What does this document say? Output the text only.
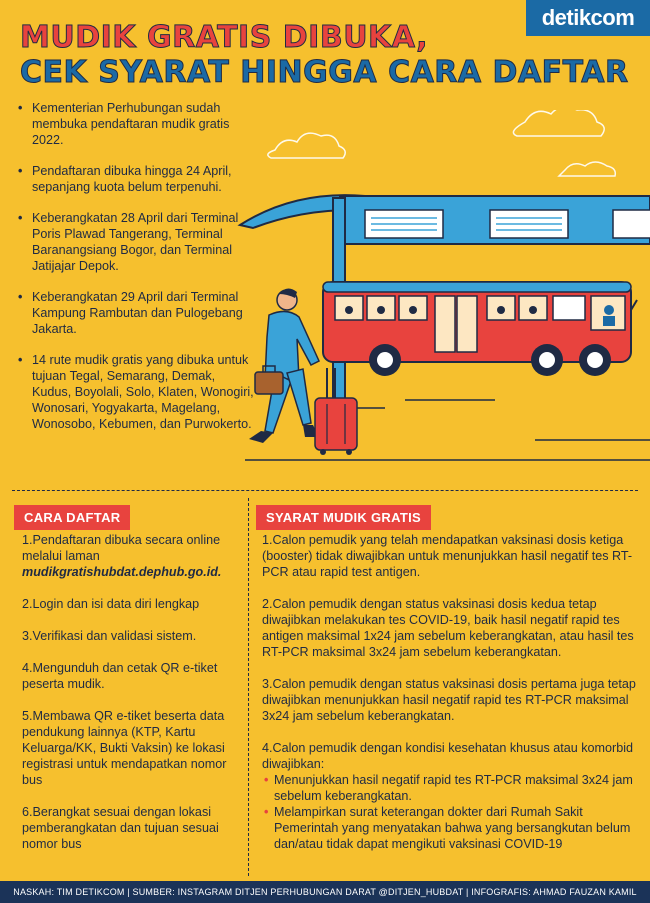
detikcom
MUDIK GRATIS DIBUKA,
CEK SYARAT HINGGA CARA DAFTAR
• Kementerian Perhubungan sudah membuka pendaftaran mudik gratis 2022.
• Pendaftaran dibuka hingga 24 April, sepanjang kuota belum terpenuhi.
• Keberangkatan 28 April dari Terminal Poris Plawad Tangerang, Terminal Baranangsiang Bogor, dan Terminal Jatijajar Depok.
• Keberangkatan 29 April dari Terminal Kampung Rambutan dan Pulogebang Jakarta.
• 14 rute mudik gratis yang dibuka untuk tujuan Tegal, Semarang, Demak, Kudus, Boyolali, Solo, Klaten, Wonogiri, Wonosari, Yogyakarta, Magelang, Wonosobo, Kebumen, dan Purwokerto.
CARA DAFTAR	SYARAT MUDIK GRATIS
1.Pendaftaran dibuka secara online melalui laman mudikgratishubdat.dephub.go.id.
2.Login dan isi data diri lengkap
3.Verifikasi dan validasi sistem.
4.Mengunduh dan cetak QR e-tiket peserta mudik.
5.Membawa QR e-tiket beserta data pendukung lainnya (KTP, Kartu Keluarga/KK, Bukti Vaksin) ke lokasi registrasi untuk mendapatkan nomor bus
6.Berangkat sesuai dengan lokasi pemberangkatan dan tujuan sesuai nomor bus
1.Calon pemudik yang telah mendapatkan vaksinasi dosis ketiga (booster) tidak diwajibkan untuk menunjukkan hasil negatif tes RT-PCR atau rapid test antigen.
2.Calon pemudik dengan status vaksinasi dosis kedua tetap diwajibkan melakukan tes COVID-19, baik hasil negatif rapid tes antigen maksimal 1x24 jam sebelum keberangkatan, atau hasil tes RT-PCR maksimal 3x24 jam sebelum keberangkatan.
3.Calon pemudik dengan status vaksinasi dosis pertama juga tetap diwajibkan menunjukkan hasil negatif rapid tes RT-PCR maksimal 3x24 jam sebelum keberangkatan.
4.Calon pemudik dengan kondisi kesehatan khusus atau komorbid diwajibkan:
• Menunjukkan hasil negatif rapid tes RT-PCR maksimal 3x24 jam sebelum keberangkatan.
• Melampirkan surat keterangan dokter dari Rumah Sakit Pemerintah yang menyatakan bahwa yang bersangkutan belum dan/atau tidak dapat mengikuti vaksinasi COVID-19
NASKAH: TIM DETIKCOM | SUMBER: INSTAGRAM DITJEN PERHUBUNGAN DARAT @DITJEN_HUBDAT | INFOGRAFIS: AHMAD FAUZAN KAMIL
